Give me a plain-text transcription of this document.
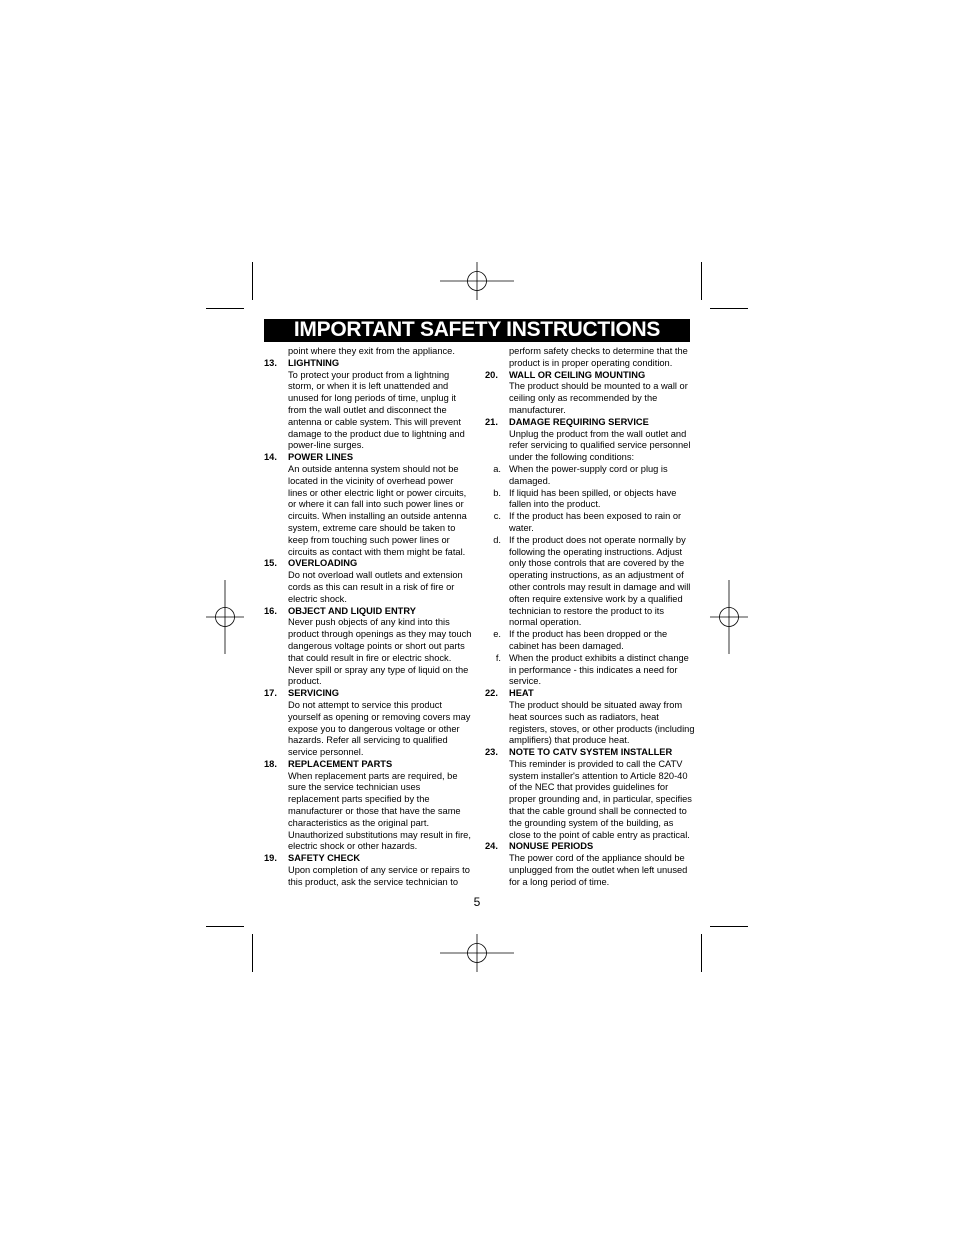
IMPORTANT SAFETY INSTRUCTIONS
point where they exit from the appliance.
13.	LIGHTNING
To protect your product from a lightning storm, or when it is left unattended and unused for long periods of time, unplug it from the wall outlet and disconnect the antenna or cable system. This will prevent damage to the product due to lightning and power-line surges.
14.	POWER LINES
An outside antenna system should not be located in the vicinity of overhead power lines or other electric light or power circuits, or where it can fall into such power lines or circuits. When installing an outside antenna system, extreme care should be taken to keep from touching such power lines or circuits as contact with them might be fatal.
15.	OVERLOADING
Do not overload wall outlets and extension cords as this can result in a risk of fire or electric shock.
16.	OBJECT AND LIQUID ENTRY
Never push objects of any kind into this product through openings as they may touch dangerous voltage points or short out parts that could result in fire or electric shock. Never spill or spray any type of liquid on the product.
17.	SERVICING
Do not attempt to service this product yourself as opening or removing covers may expose you to dangerous voltage or other hazards. Refer all servicing to qualified service personnel.
18.	REPLACEMENT PARTS
When replacement parts are required, be sure the service technician uses replacement parts specified by the manufacturer or those that have the same characteristics as the original part. Unauthorized substitutions may result in fire, electric shock or other hazards.
19.	SAFETY CHECK
Upon completion of any service or repairs to this product, ask the service technician to
perform safety checks to determine that the product is in proper operating condition.
20.	WALL OR CEILING MOUNTING
The product should be mounted to a wall or ceiling only as recommended by the manufacturer.
21.	DAMAGE REQUIRING SERVICE
Unplug the product from the wall outlet and refer servicing to qualified service personnel under the following conditions:
a. When the power-supply cord or plug is damaged.
b. If liquid has been spilled, or objects have fallen into the product.
c. If the product has been exposed to rain or water.
d. If the product does not operate normally by following the operating instructions. Adjust only those controls that are covered by the operating instructions, as an adjustment of other controls may result in damage and will often require extensive work by a qualified technician to restore the product to its normal operation.
e. If the product has been dropped or the cabinet has been damaged.
f. When the product exhibits a distinct change in performance - this indicates a need for service.
22.	HEAT
The product should be situated away from heat sources such as radiators, heat registers, stoves, or other products (including amplifiers) that produce heat.
23.	NOTE TO CATV SYSTEM INSTALLER
This reminder is provided to call the CATV system installer's attention to Article 820-40 of the NEC that provides guidelines for proper grounding and, in particular, specifies that the cable ground shall be connected to the grounding system of the building, as close to the point of cable entry as practical.
24.	NONUSE PERIODS
The power cord of the appliance should be unplugged from the outlet when left unused for a long period of time.
5
